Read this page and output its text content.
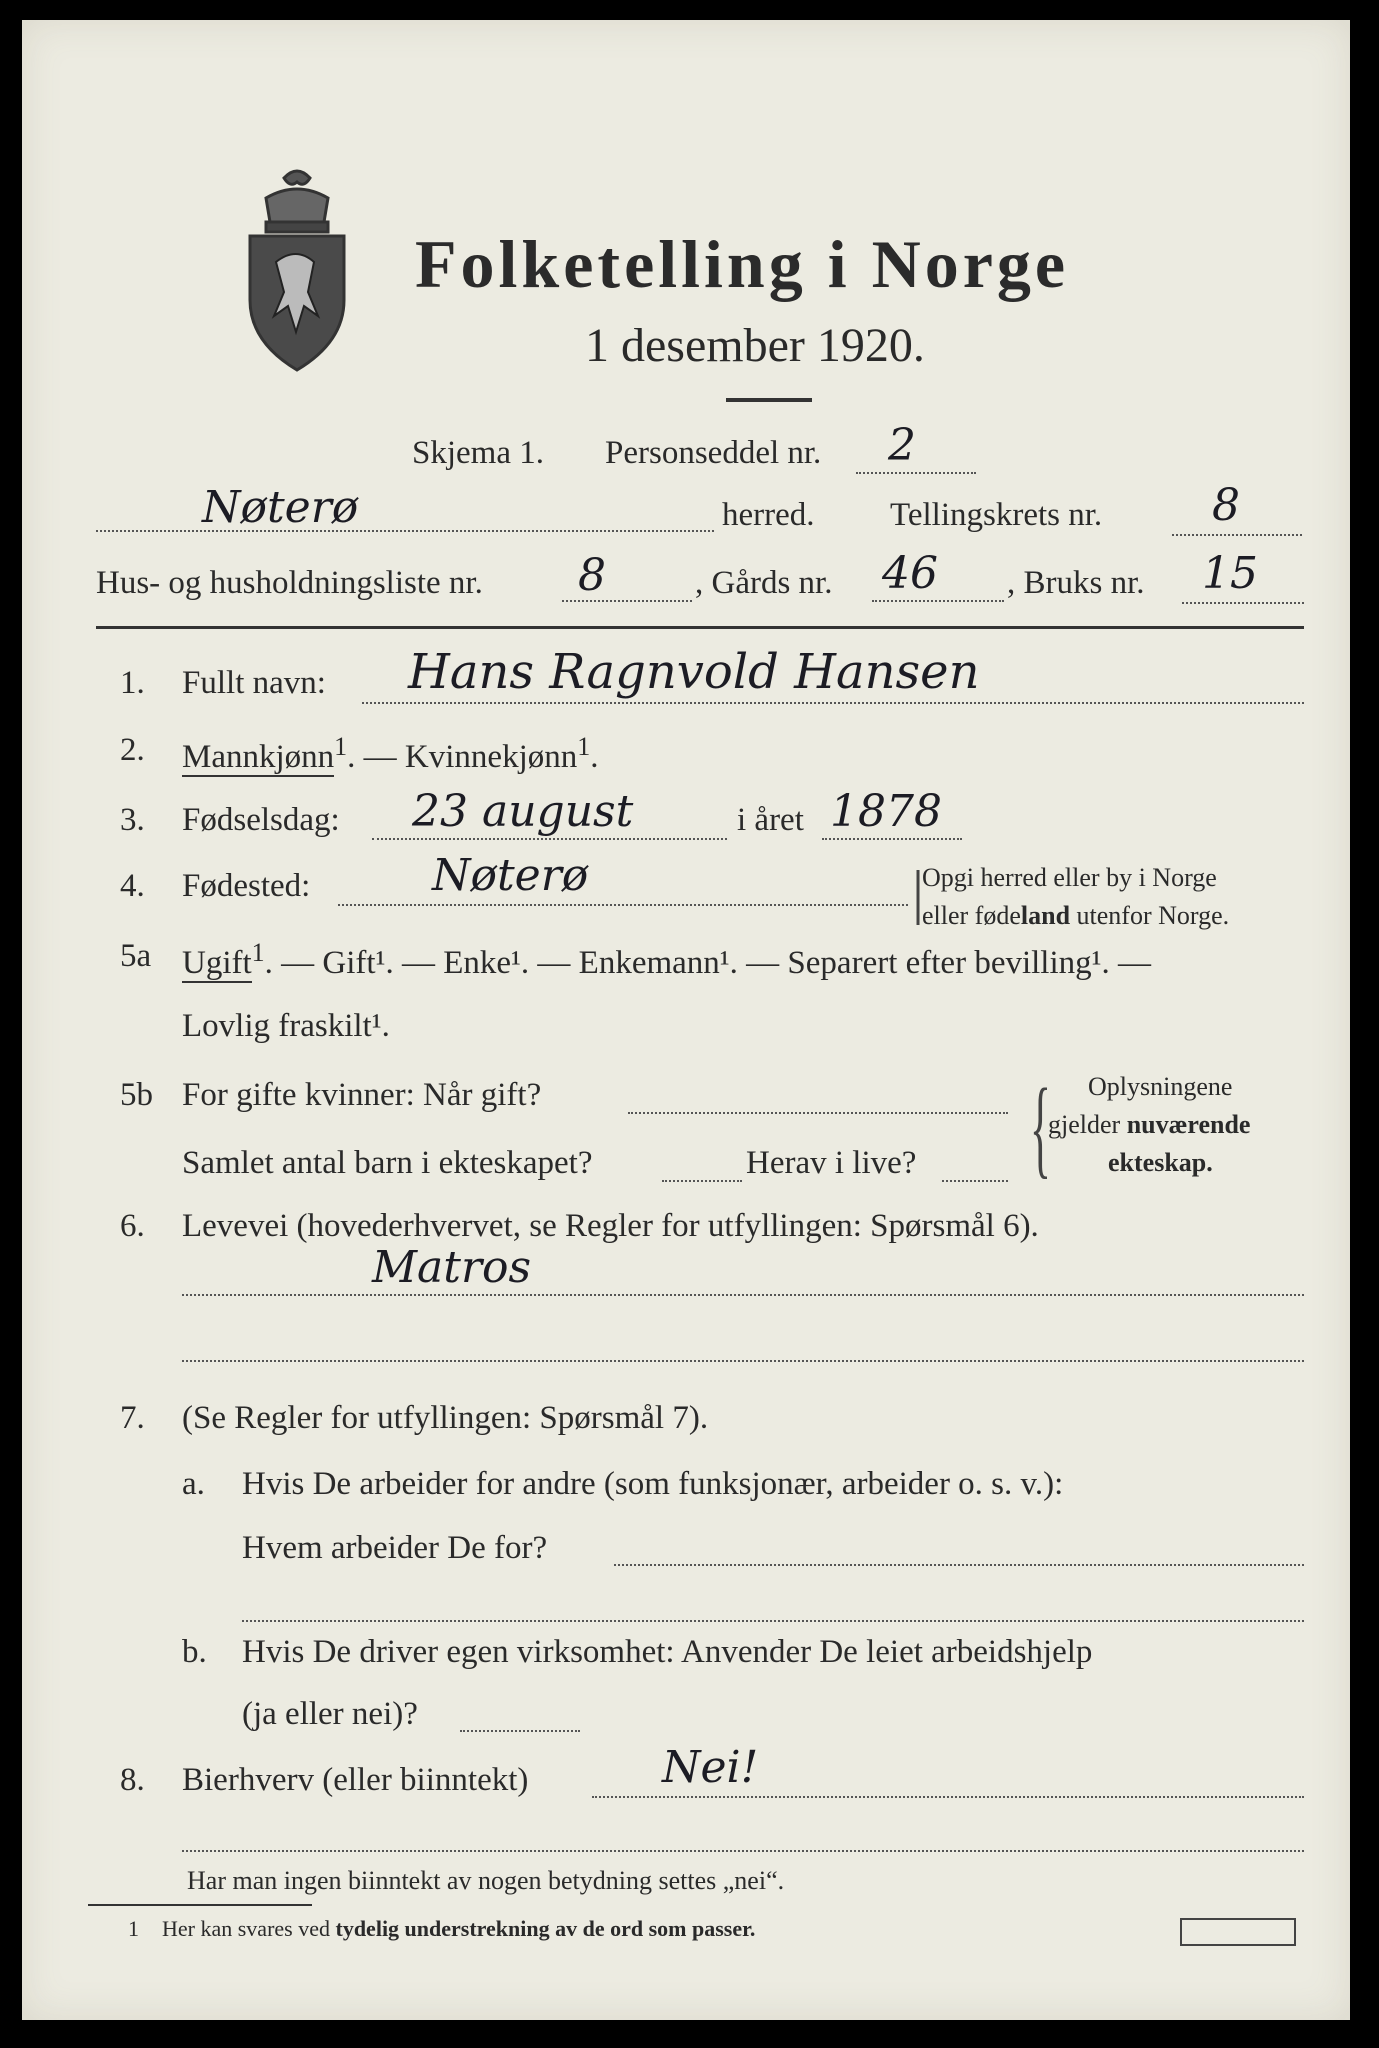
Folketelling i Norge
1 desember 1920.
Skjema 1. Personseddel nr. 2
Nøterø	herred. Tellingskrets nr. 8
Hus- og husholdningsliste nr. 8	, Gårds nr. 46 , Bruks nr. 15
1. Fullt navn: Hans Ragnvold Hansen
2. Mannkjønn$^1$. — Kvinnekjønn$^1$.
3. Fødselsdag: 23 august	i året 1878
4. Fødested:	Nøterø	|
Opgi herred eller by i Norge
eller fødeland utenfor Norge.
5a Ugift$^1$. — Gift¹. — Enke¹. — Enkemann¹. — Separert efter bevilling¹. —
Lovlig fraskilt¹.
5b For gifte kvinner: Når gift?
Samlet antal barn i ekteskapet?	Herav i live? { Oplysningene
gjelder nuværende
ekteskap.
6. Levevei (hovederhvervet, se Regler for utfyllingen: Spørsmål 6).
Matros
7. (Se Regler for utfyllingen: Spørsmål 7).
a. Hvis De arbeider for andre (som funksjonær, arbeider o. s. v.):
Hvem arbeider De for?
b. Hvis De driver egen virksomhet: Anvender De leiet arbeidshjelp
(ja eller nei)?
8. Bierhverv (eller biinntekt)	Nei!
Har man ingen biinntekt av nogen betydning settes „nei“.
1 Her kan svares ved tydelig understrekning av de ord som passer.
